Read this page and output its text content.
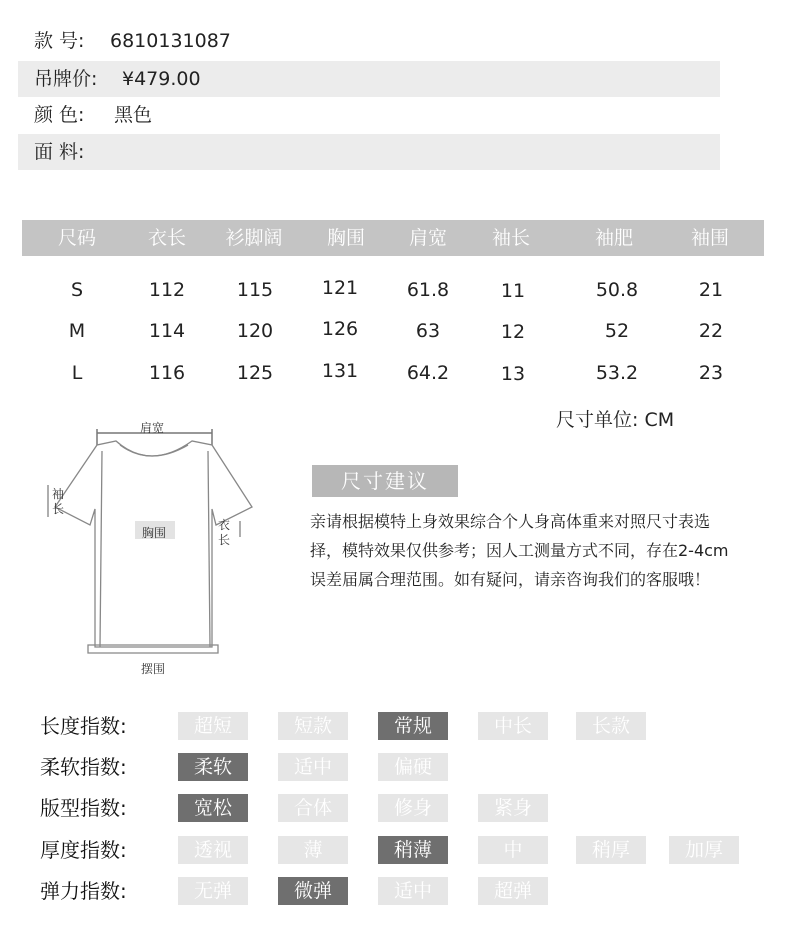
款 号: 6810131087
吊牌价: ¥479.00
颜 色: 黑色
面 料:
尺码	衣长	衫脚阔	胸围	肩宽	袖长	袖肥	袖围
S	112	115	121	61.8	11	50.8	21
M	114	120	126	63	12	52	22
L	116	125	131	64.2	13	53.2	23
尺寸单位: CM
肩宽
袖
长
胸围
衣
长
摆围
尺寸建议
亲请根据模特上身效果综合个人身高体重来对照尺寸表选择，模特效果仅供参考；因人工测量方式不同，存在2-4cm误差届属合理范围。如有疑问，请亲咨询我们的客服哦！
长度指数:	超短	短款	常规	中长	长款
柔软指数:	柔软	适中	偏硬
版型指数:	宽松	合体	修身	紧身
厚度指数:	透视	薄	稍薄	中	稍厚	加厚
弹力指数:	无弹	微弹	适中	超弹
